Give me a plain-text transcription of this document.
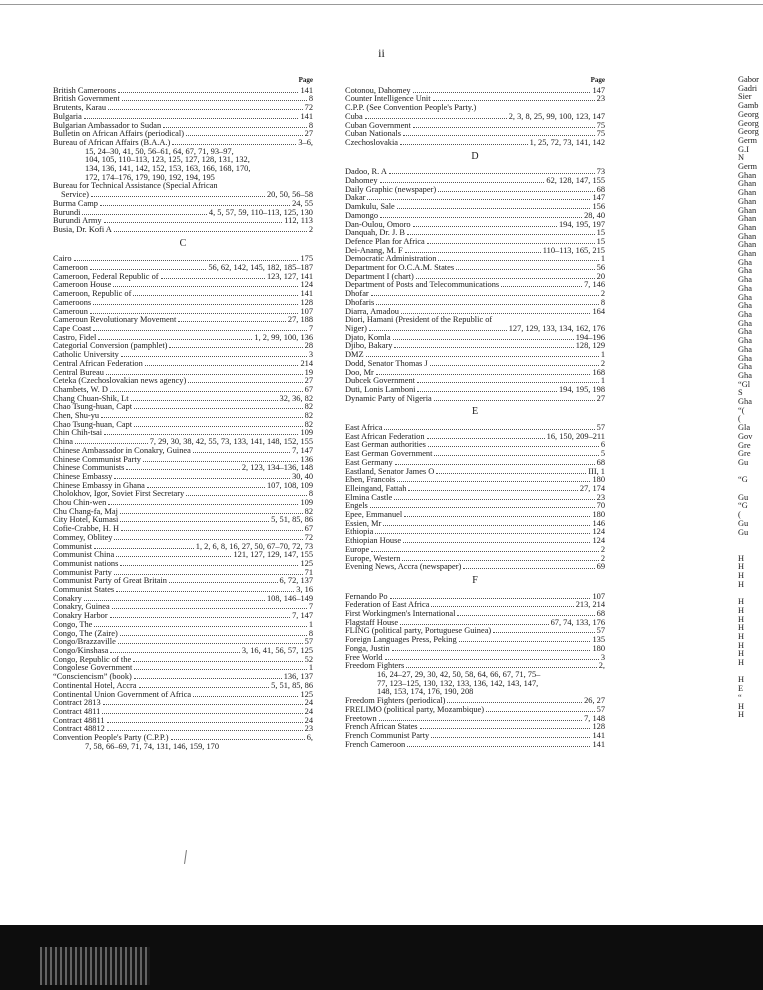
ii
Page
British Cameroons	141
British Government	8
Brutents, Karau	72
Bulgaria	141
Bulgarian Ambassador to Sudan	8
Bulletin on African Affairs (periodical)	27
Bureau of African Affairs (B.A.A.)	3–6,
15, 24–30, 41, 50, 56–61, 64, 67, 71, 93–97,
104, 105, 110–113, 123, 125, 127, 128, 131, 132,
134, 136, 141, 142, 152, 153, 163, 166, 168, 170,
172, 174–176, 179, 190, 192, 194, 195
Bureau for Technical Assistance (Special African
Service)	20, 50, 56–58
Burma Camp	24, 55
Burundi	4, 5, 57, 59, 110–113, 125, 130
Burundi Army	112, 113
Busia, Dr. Kofi A	2
C
Cairo	175
Cameroon	56, 62, 142, 145, 182, 185–187
Cameroon, Federal Republic of	123, 127, 141
Cameroon House	124
Cameroon, Republic of	141
Cameroons	128
Cameroun	107
Cameroun Revolutionary Movement	27, 188
Cape Coast	7
Castro, Fidel	1, 2, 99, 100, 136
Categorial Conversion (pamphlet)	28
Catholic University	3
Central African Federation	214
Central Bureau	19
Ceteka (Czechoslovakian news agency)	27
Chambets, W. D	67
Chang Chuan-Shik, Lt	32, 36, 82
Chao Tsung-huan, Capt	82
Chen, Shu-yu	82
Chao Tsung-huan, Capt	82
Chin Chih-tsai	109
China	7, 29, 30, 38, 42, 55, 73, 133, 141, 148, 152, 155
Chinese Ambassador in Conakry, Guinea	7, 147
Chinese Communist Party	136
Chinese Communists	2, 123, 134–136, 148
Chinese Embassy	30, 40
Chinese Embassy in Ghana	107, 108, 109
Cholokhov, Igor, Soviet First Secretary	8
Chou Chin-wen	109
Chu Chang-fa, Maj	82
City Hotel, Kumasi	5, 51, 85, 86
Cofie-Crabbe, H. H	67
Commey, Oblitey	72
Communist	1, 2, 6, 8, 16, 27, 50, 67–70, 72, 73
Communist China	121, 127, 129, 147, 155
Communist nations	125
Communist Party	71
Communist Party of Great Britain	6, 72, 137
Communist States	3, 16
Conakry	108, 146–149
Conakry, Guinea	7
Conakry Harbor	7, 147
Congo, The	1
Congo, The (Zaire)	8
Congo/Brazzaville	57
Congo/Kinshasa	3, 16, 41, 56, 57, 125
Congo, Republic of the	52
Congolese Government	1
“Consciencism” (book)	136, 137
Continental Hotel, Accra	5, 51, 85, 86
Continental Union Government of Africa	125
Contract 2813	24
Contract 4811	24
Contract 48811	24
Contract 48812	23
Convention People's Party (C.P.P.)	6,
7, 58, 66–69, 71, 74, 131, 146, 159, 170
Page
Cotonou, Dahomey	147
Counter Intelligence Unit	23
C.P.P. (See Convention People's Party.)
Cuba	2, 3, 8, 25, 99, 100, 123, 147
Cuban Government	75
Cuban Nationals	75
Czechoslovakia	1, 25, 72, 73, 141, 142
D
Dadoo, R. A	73
Dahomey	62, 128, 147, 155
Daily Graphic (newspaper)	68
Dakar	147
Damkulu, Sale	156
Damongo	28, 40
Dan-Oulou, Omoro	194, 195, 197
Danquah, Dr. J. B	15
Defence Plan for Africa	15
Dei-Anang, M. F	110–113, 165, 215
Democratic Administration	1
Department for O.C.A.M. States	56
Department I (chart)	20
Department of Posts and Telecommunications	7, 146
Dhofar	2
Dhofaris	8
Diarra, Amadou	164
Diori, Hamani (President of the Republic of
Niger)	127, 129, 133, 134, 162, 176
Djato, Komla	194–196
Djibo, Bakary	128, 129
DMZ	1
Dodd, Senator Thomas J	2
Doo, Mr	168
Dubcek Government	1
Duti, Lonis Lamboni	194, 195, 198
Dynamic Party of Nigeria	27
E
East Africa	57
East African Federation	16, 150, 209–211
East German authorities	6
East German Government	5
East Germany	68
Eastland, Senator James O	III, 1
Eben, Francois	180
Elleingand, Fattah	27, 174
Elmina Castle	23
Engels	70
Epee, Emmanuel	180
Essien, Mr	146
Ethiopia	124
Ethiopian House	124
Europe	2
Europe, Western	2
Evening News, Accra (newspaper)	69
F
Fernando Po	107
Federation of East Africa	213, 214
First Workingmen's International	68
Flagstaff House	67, 74, 133, 176
FLING (political party, Portuguese Guinea)	57
Foreign Languages Press, Peking	135
Fonga, Justin	180
Free World	3
Freedom Fighters	2,
16, 24–27, 29, 30, 42, 50, 58, 64, 66, 67, 71, 75–
77, 123–125, 130, 132, 133, 136, 142, 143, 147,
148, 153, 174, 176, 190, 208
Freedom Fighters (periodical)	26, 27
FRELIMO (political party, Mozambique)	57
Freetown	7, 148
French African States	128
French Communist Party	141
French Cameroon	141
Gabor
Gadri
Sier
Gamb
Georg
Georg
Georg
Germ
G.I
N
Germ
Ghan
Ghan
Ghan
Ghan
Ghan
Ghan
Ghan
Ghan
Ghan
Ghan
Gha
Gha
Gha
Gha
Gha
Gha
Gha
Gha
Gha
Gha
Gha
Gha
Gha
Gha
“Gl
S
Gha
“(
(
Gla
Gov
Gre
Gre
Gu
“G
Gu
“G
(
Gu
Gu
H
H
H
H
H
H
H
H
H
H
H
H
H
E
“
H
H
